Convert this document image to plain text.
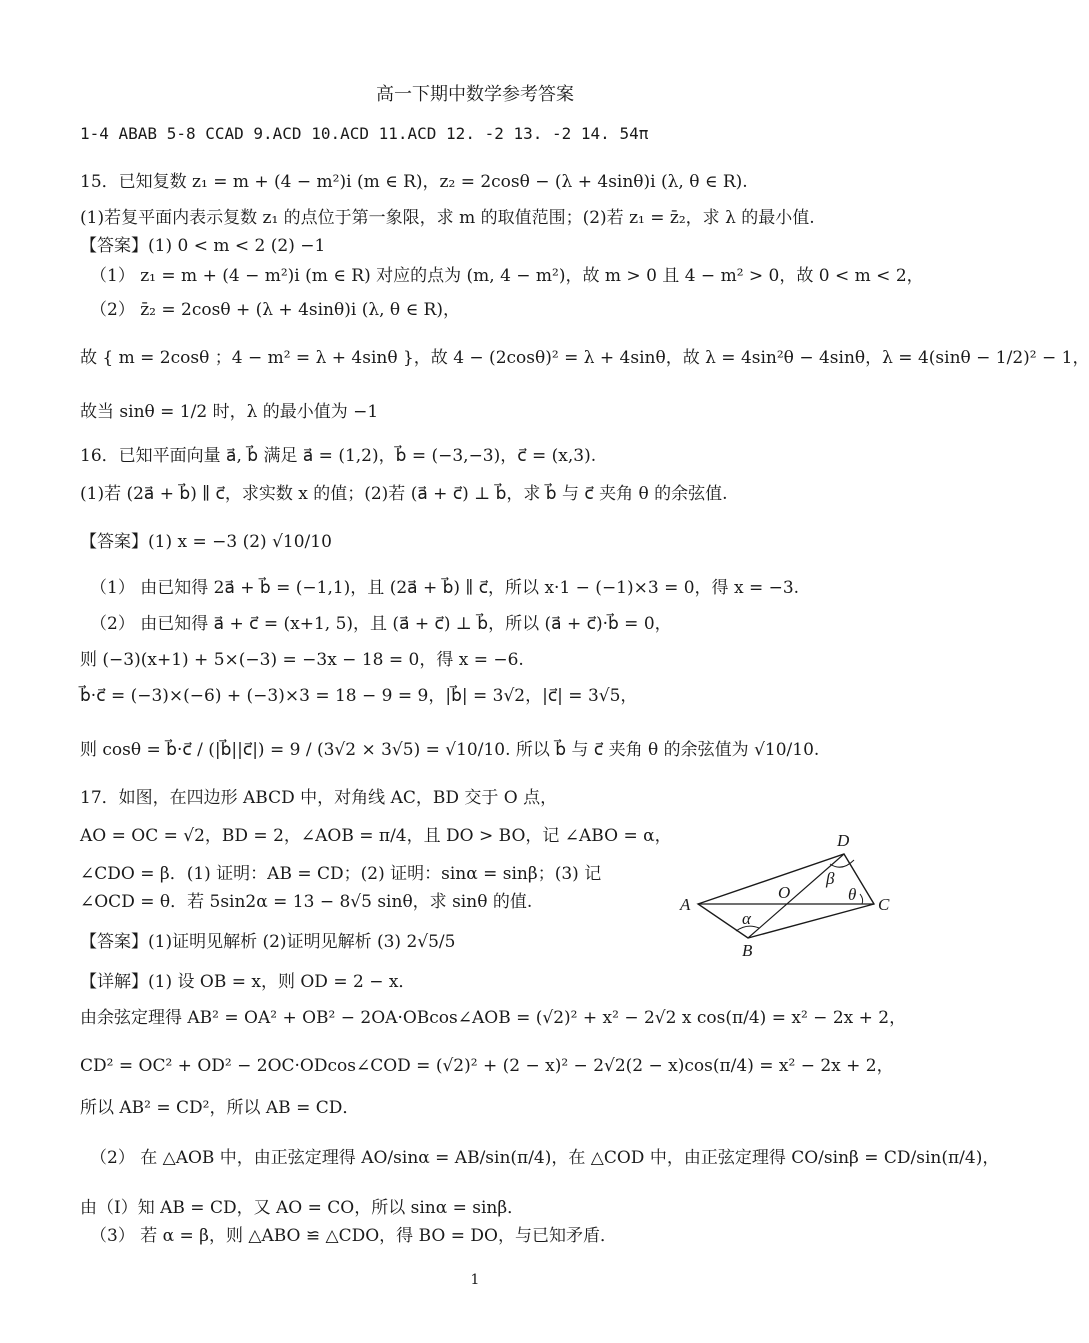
高一下期中数学参考答案
1-4 ABAB 5-8 CCAD 9.ACD 10.ACD 11.ACD 12. -2 13. -2 14. 54π
15．已知复数 z₁ = m + (4 − m²)i (m ∈ R)，z₂ = 2cosθ − (λ + 4sinθ)i (λ, θ ∈ R).
(1)若复平面内表示复数 z₁ 的点位于第一象限，求 m 的取值范围；(2)若 z₁ = z̄₂，求 λ 的最小值.
【答案】(1) 0 < m < 2 (2) −1
（1） z₁ = m + (4 − m²)i (m ∈ R) 对应的点为 (m, 4 − m²)，故 m > 0 且 4 − m² > 0，故 0 < m < 2，
（2） z̄₂ = 2cosθ + (λ + 4sinθ)i (λ, θ ∈ R)，
故 { m = 2cosθ ；4 − m² = λ + 4sinθ }，故 4 − (2cosθ)² = λ + 4sinθ，故 λ = 4sin²θ − 4sinθ，λ = 4(sinθ − 1/2)² − 1，
故当 sinθ = 1/2 时，λ 的最小值为 −1
16．已知平面向量 a⃗, b⃗ 满足 a⃗ = (1,2)，b⃗ = (−3,−3)，c⃗ = (x,3).
(1)若 (2a⃗ + b⃗) ∥ c⃗，求实数 x 的值；(2)若 (a⃗ + c⃗) ⊥ b⃗，求 b⃗ 与 c⃗ 夹角 θ 的余弦值.
【答案】(1) x = −3 (2) √10/10
（1） 由已知得 2a⃗ + b⃗ = (−1,1)，且 (2a⃗ + b⃗) ∥ c⃗，所以 x·1 − (−1)×3 = 0，得 x = −3.
（2） 由已知得 a⃗ + c⃗ = (x+1, 5)，且 (a⃗ + c⃗) ⊥ b⃗，所以 (a⃗ + c⃗)·b⃗ = 0，
则 (−3)(x+1) + 5×(−3) = −3x − 18 = 0，得 x = −6.
b⃗·c⃗ = (−3)×(−6) + (−3)×3 = 18 − 9 = 9，|b⃗| = 3√2，|c⃗| = 3√5，
则 cosθ = b⃗·c⃗ / (|b⃗||c⃗|) = 9 / (3√2 × 3√5) = √10/10. 所以 b⃗ 与 c⃗ 夹角 θ 的余弦值为 √10/10.
17．如图，在四边形 ABCD 中，对角线 AC，BD 交于 O 点，
AO = OC = √2，BD = 2，∠AOB = π/4，且 DO > BO，记 ∠ABO = α，
∠CDO = β．(1) 证明：AB = CD；(2) 证明：sinα = sinβ；(3) 记
∠OCD = θ．若 5sin2α = 13 − 8√5 sinθ，求 sinθ 的值.
【答案】(1)证明见解析 (2)证明见解析 (3) 2√5/5
【详解】(1) 设 OB = x，则 OD = 2 − x．
由余弦定理得 AB² = OA² + OB² − 2OA·OBcos∠AOB = (√2)² + x² − 2√2 x cos(π/4) = x² − 2x + 2，
CD² = OC² + OD² − 2OC·ODcos∠COD = (√2)² + (2 − x)² − 2√2(2 − x)cos(π/4) = x² − 2x + 2，
所以 AB² = CD²，所以 AB = CD．
（2） 在 △AOB 中，由正弦定理得 AO/sinα = AB/sin(π/4)，在 △COD 中，由正弦定理得 CO/sinβ = CD/sin(π/4)，
由（Ⅰ）知 AB = CD，又 AO = CO，所以 sinα = sinβ．
（3） 若 α = β，则 △ABO ≌ △CDO，得 BO = DO，与已知矛盾．
A
B
C
D
O
α
β
θ
1
